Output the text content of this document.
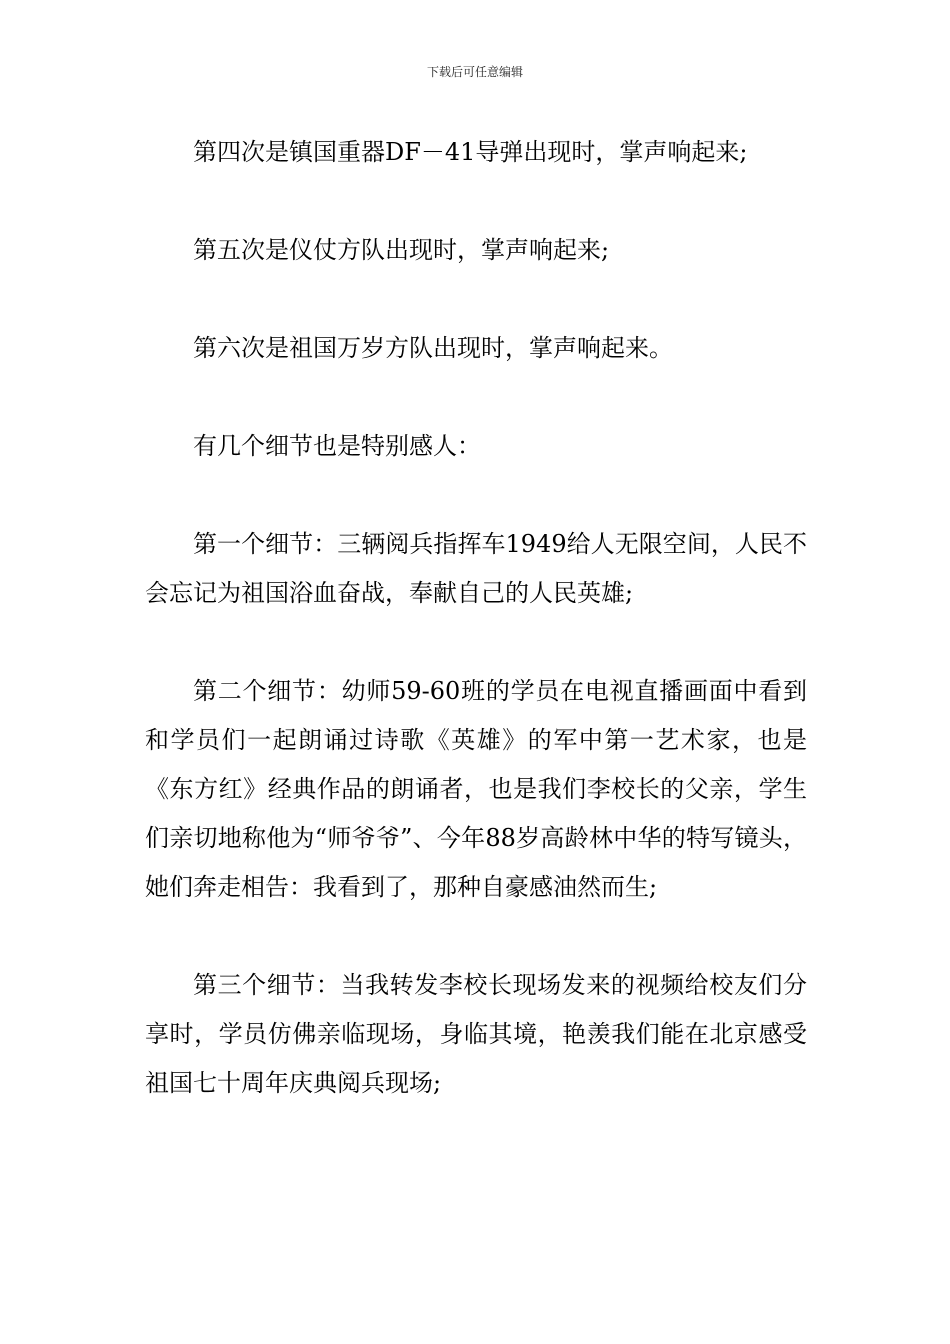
下载后可任意编辑

第四次是镇国重器DF－41导弹出现时，掌声响起来;

第五次是仪仗方队出现时，掌声响起来;

第六次是祖国万岁方队出现时，掌声响起来。

有几个细节也是特别感人：

第一个细节：三辆阅兵指挥车1949给人无限空间，人民不会忘记为祖国浴血奋战，奉献自己的人民英雄;

第二个细节：幼师59-60班的学员在电视直播画面中看到和学员们一起朗诵过诗歌《英雄》的军中第一艺术家，也是《东方红》经典作品的朗诵者，也是我们李校长的父亲，学生们亲切地称他为“师爷爷”、今年88岁高龄林中华的特写镜头，她们奔走相告：我看到了，那种自豪感油然而生;

第三个细节：当我转发李校长现场发来的视频给校友们分享时，学员仿佛亲临现场，身临其境，艳羡我们能在北京感受祖国七十周年庆典阅兵现场;
